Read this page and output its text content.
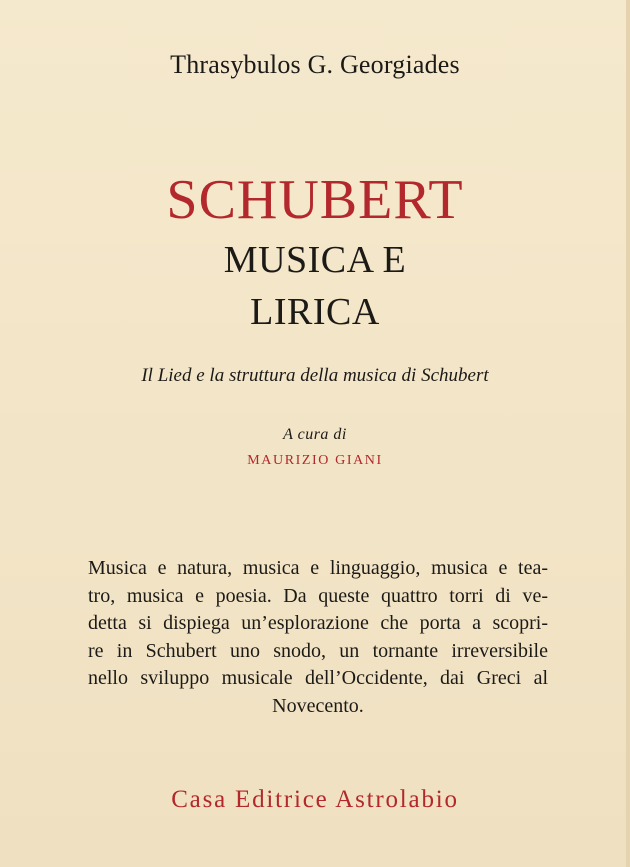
Thrasybulos G. Georgiades
SCHUBERT
MUSICA E
LIRICA
Il Lied e la struttura della musica di Schubert
A cura di
MAURIZIO GIANI
Musica e natura, musica e linguaggio, musica e tea-
tro, musica e poesia. Da queste quattro torri di ve-
detta si dispiega un’esplorazione che porta a scopri-
re in Schubert uno snodo, un tornante irreversibile
nello sviluppo musicale dell’Occidente, dai Greci al
Novecento.
Casa Editrice Astrolabio
